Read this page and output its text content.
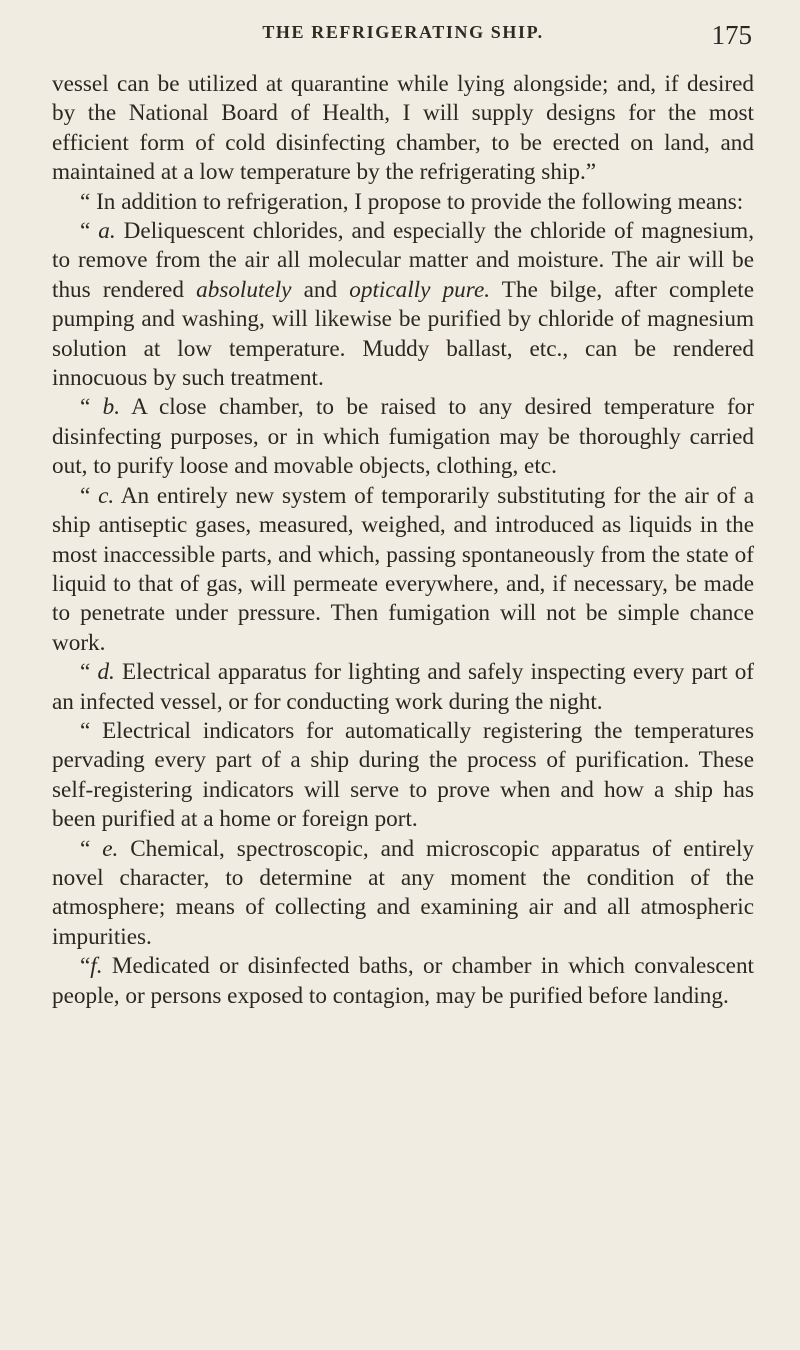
THE REFRIGERATING SHIP.	175

vessel can be utilized at quarantine while lying alongside; and, if desired by the National Board of Health, I will supply designs for the most efficient form of cold disinfecting chamber, to be erected on land, and maintained at a low temperature by the refrigerating ship.”

“ In addition to refrigeration, I propose to provide the following means:

“ a. Deliquescent chlorides, and especially the chloride of magnesium, to remove from the air all molecular matter and moisture. The air will be thus rendered absolutely and optically pure. The bilge, after complete pumping and washing, will likewise be purified by chloride of magnesium solution at low temperature. Muddy ballast, etc., can be rendered innocuous by such treatment.

“ b. A close chamber, to be raised to any desired temperature for disinfecting purposes, or in which fumigation may be thoroughly carried out, to purify loose and movable objects, clothing, etc.

“ c. An entirely new system of temporarily substituting for the air of a ship antiseptic gases, measured, weighed, and introduced as liquids in the most inaccessible parts, and which, passing spontaneously from the state of liquid to that of gas, will permeate everywhere, and, if necessary, be made to penetrate under pressure. Then fumigation will not be simple chance work.

“ d. Electrical apparatus for lighting and safely inspecting every part of an infected vessel, or for conducting work during the night.

“ Electrical indicators for automatically registering the temperatures pervading every part of a ship during the process of purification. These self-registering indicators will serve to prove when and how a ship has been purified at a home or foreign port.

“ e. Chemical, spectroscopic, and microscopic apparatus of entirely novel character, to determine at any moment the condition of the atmosphere; means of collecting and examining air and all atmospheric impurities.

“f. Medicated or disinfected baths, or chamber in which convalescent people, or persons exposed to contagion, may be purified before landing.
